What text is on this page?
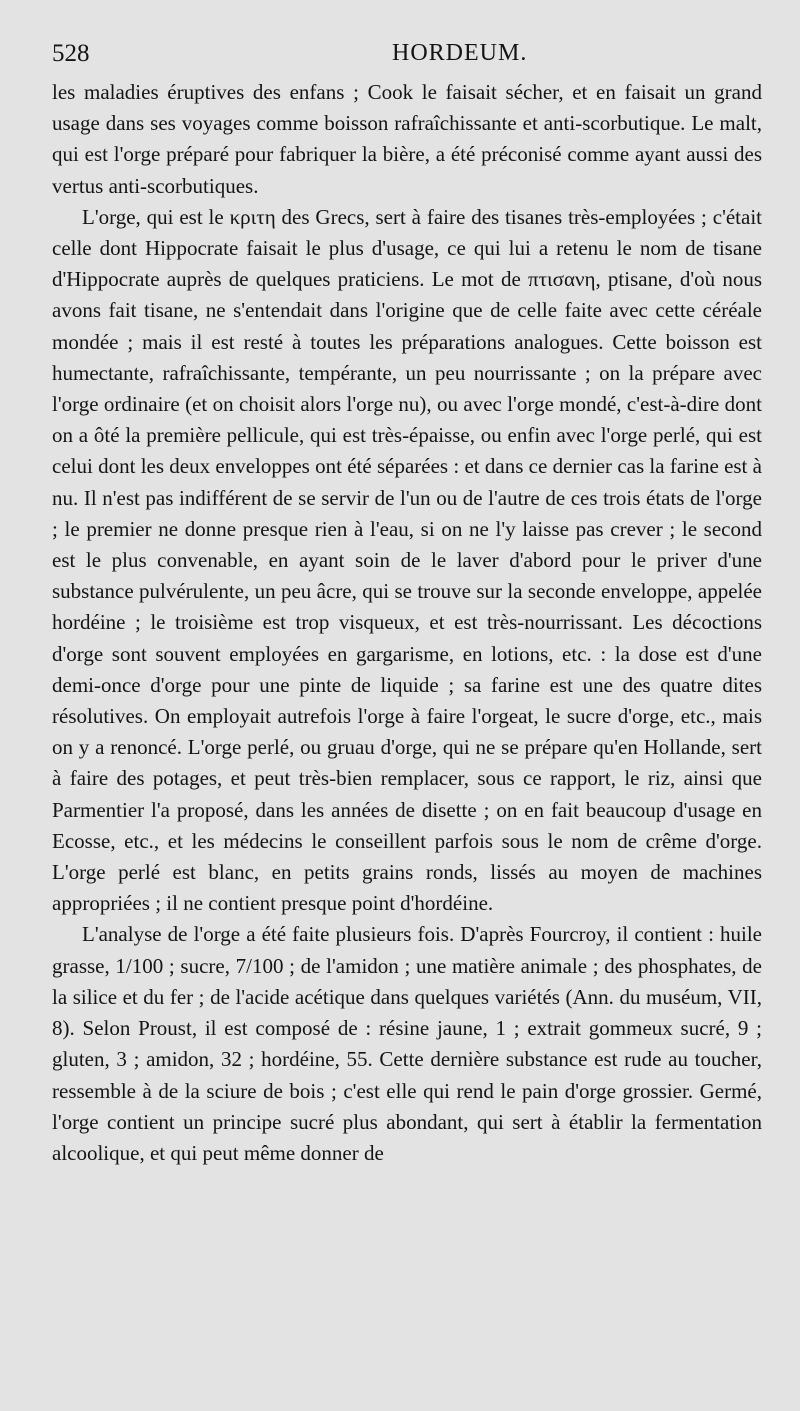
528	HORDEUM.

les maladies éruptives des enfans ; Cook le faisait sécher, et en faisait un grand usage dans ses voyages comme boisson rafraîchissante et anti-scorbutique. Le malt, qui est l'orge préparé pour fabriquer la bière, a été préconisé comme ayant aussi des vertus anti-scorbutiques.

L'orge, qui est le κριτη des Grecs, sert à faire des tisanes très-employées ; c'était celle dont Hippocrate faisait le plus d'usage, ce qui lui a retenu le nom de tisane d'Hippocrate auprès de quelques praticiens. Le mot de πτισανη, ptisane, d'où nous avons fait tisane, ne s'entendait dans l'origine que de celle faite avec cette céréale mondée ; mais il est resté à toutes les préparations analogues. Cette boisson est humectante, rafraîchissante, tempérante, un peu nourrissante ; on la prépare avec l'orge ordinaire (et on choisit alors l'orge nu), ou avec l'orge mondé, c'est-à-dire dont on a ôté la première pellicule, qui est très-épaisse, ou enfin avec l'orge perlé, qui est celui dont les deux enveloppes ont été séparées : et dans ce dernier cas la farine est à nu. Il n'est pas indifférent de se servir de l'un ou de l'autre de ces trois états de l'orge ; le premier ne donne presque rien à l'eau, si on ne l'y laisse pas crever ; le second est le plus convenable, en ayant soin de le laver d'abord pour le priver d'une substance pulvérulente, un peu âcre, qui se trouve sur la seconde enveloppe, appelée hordéine ; le troisième est trop visqueux, et est très-nourrissant. Les décoctions d'orge sont souvent employées en gargarisme, en lotions, etc. : la dose est d'une demi-once d'orge pour une pinte de liquide ; sa farine est une des quatre dites résolutives. On employait autrefois l'orge à faire l'orgeat, le sucre d'orge, etc., mais on y a renoncé. L'orge perlé, ou gruau d'orge, qui ne se prépare qu'en Hollande, sert à faire des potages, et peut très-bien remplacer, sous ce rapport, le riz, ainsi que Parmentier l'a proposé, dans les années de disette ; on en fait beaucoup d'usage en Ecosse, etc., et les médecins le conseillent parfois sous le nom de crême d'orge. L'orge perlé est blanc, en petits grains ronds, lissés au moyen de machines appropriées ; il ne contient presque point d'hordéine.

L'analyse de l'orge a été faite plusieurs fois. D'après Fourcroy, il contient : huile grasse, 1/100 ; sucre, 7/100 ; de l'amidon ; une matière animale ; des phosphates, de la silice et du fer ; de l'acide acétique dans quelques variétés (Ann. du muséum, VII, 8). Selon Proust, il est composé de : résine jaune, 1 ; extrait gommeux sucré, 9 ; gluten, 3 ; amidon, 32 ; hordéine, 55. Cette dernière substance est rude au toucher, ressemble à de la sciure de bois ; c'est elle qui rend le pain d'orge grossier. Germé, l'orge contient un principe sucré plus abondant, qui sert à établir la fermentation alcoolique, et qui peut même donner de
